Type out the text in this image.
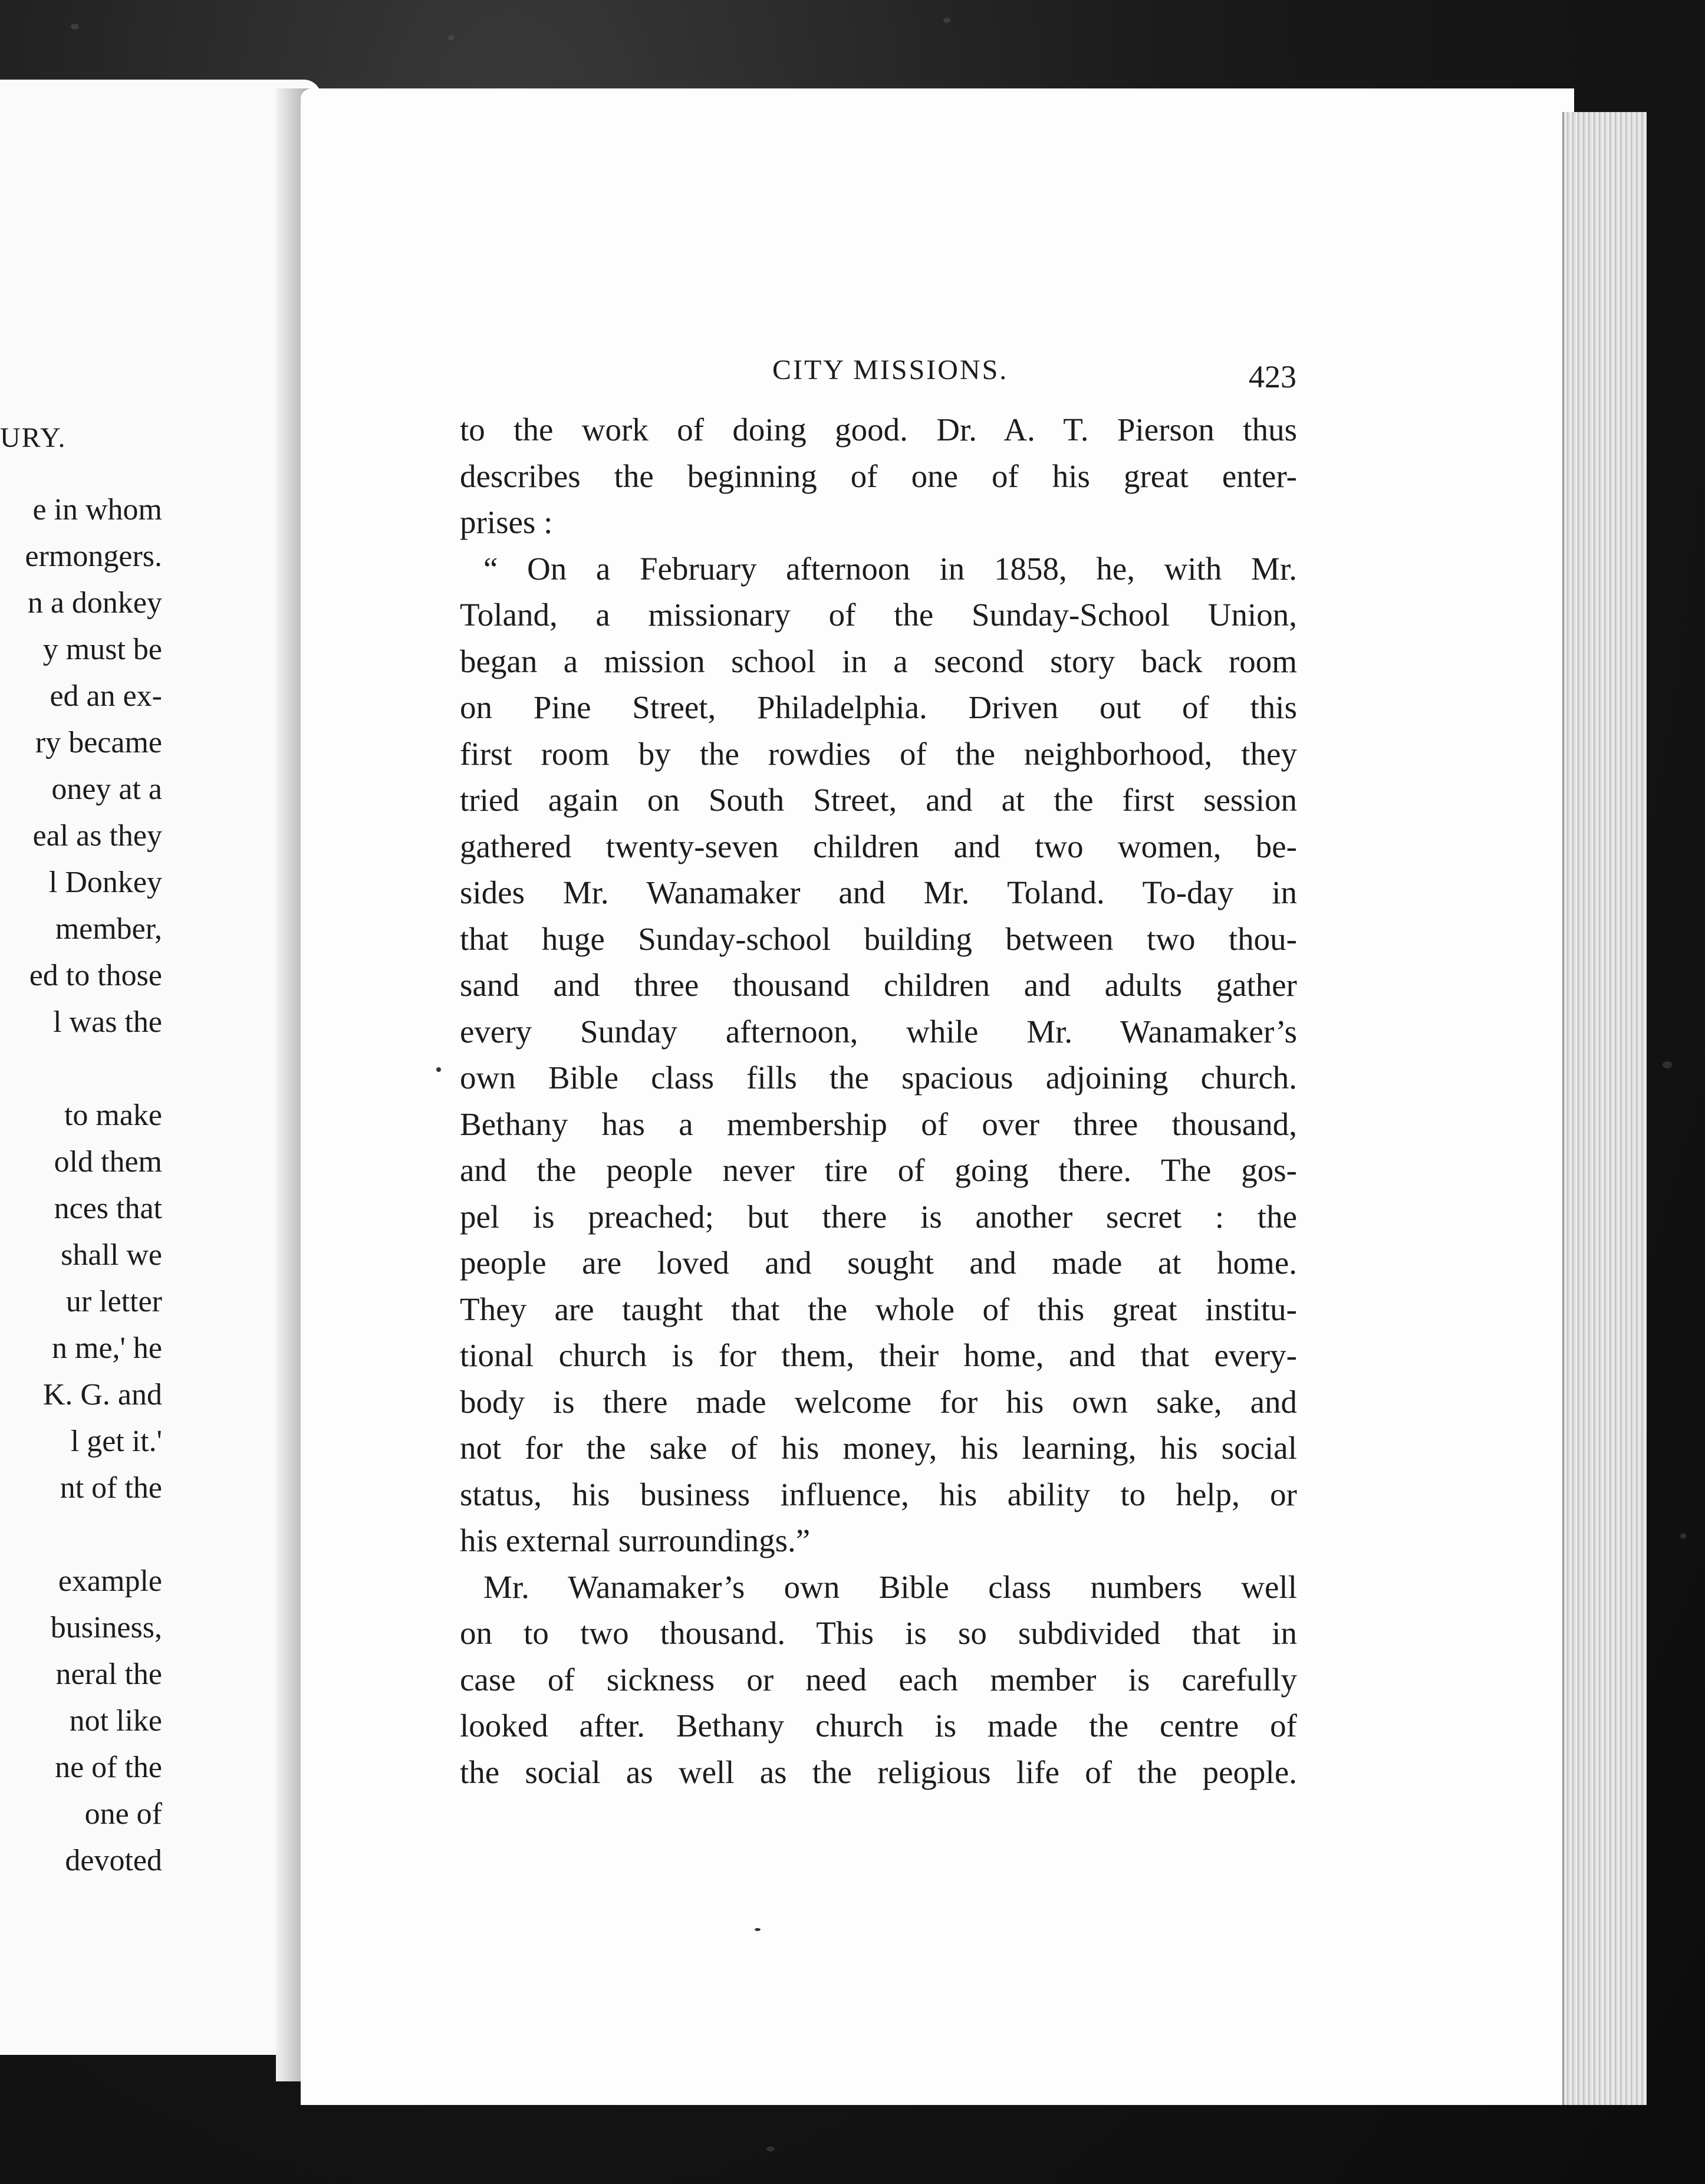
URY.
e in whom
ermongers.
n a donkey
y must be
ed an ex-
ry became
oney at a
eal as they
l Donkey
member,
ed to those
l was the
to make
old them
nces that
shall we
ur letter
n me,' he
K. G. and
l get it.'
nt of the
example
business,
neral the
not like
ne of the
one of
devoted
CITY MISSIONS.	423
to the work of doing good. Dr. A. T. Pierson thus
describes the beginning of one of his great enter-
prises :
“ On a February afternoon in 1858, he, with Mr.
Toland, a missionary of the Sunday-School Union,
began a mission school in a second story back room
on Pine Street, Philadelphia. Driven out of this
first room by the rowdies of the neighborhood, they
tried again on South Street, and at the first session
gathered twenty-seven children and two women, be-
sides Mr. Wanamaker and Mr. Toland. To-day in
that huge Sunday-school building between two thou-
sand and three thousand children and adults gather
every Sunday afternoon, while Mr. Wanamaker’s
own Bible class fills the spacious adjoining church.
Bethany has a membership of over three thousand,
and the people never tire of going there. The gos-
pel is preached; but there is another secret : the
people are loved and sought and made at home.
They are taught that the whole of this great institu-
tional church is for them, their home, and that every-
body is there made welcome for his own sake, and
not for the sake of his money, his learning, his social
status, his business influence, his ability to help, or
his external surroundings.”
Mr. Wanamaker’s own Bible class numbers well
on to two thousand. This is so subdivided that in
case of sickness or need each member is carefully
looked after. Bethany church is made the centre of
the social as well as the religious life of the people.
